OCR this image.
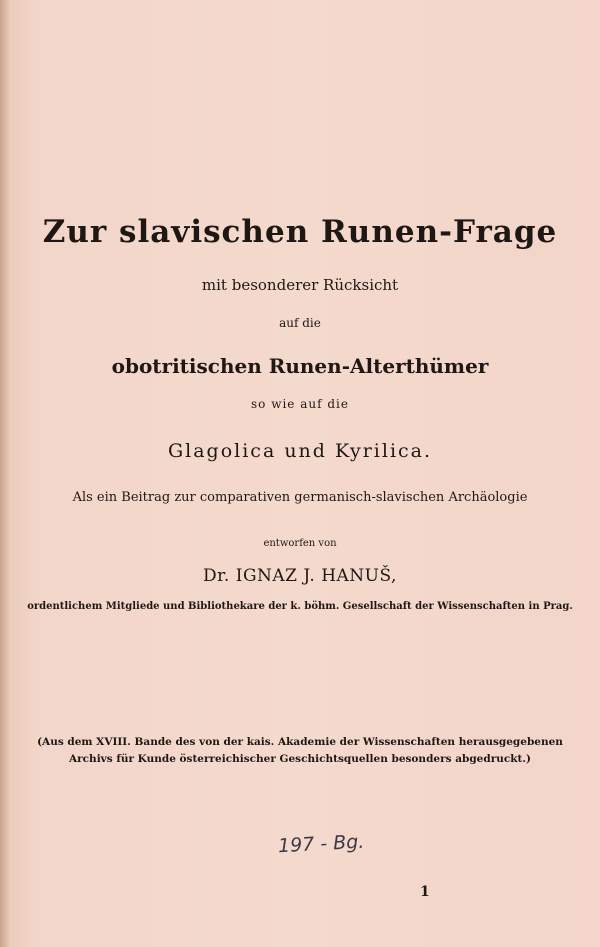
Zur slavischen Runen-Frage
mit besonderer Rücksicht
auf die
obotritischen Runen-Alterthümer
so wie auf die
Glagolica und Kyrilica.
Als ein Beitrag zur comparativen germanisch-slavischen Archäologie
entworfen von
Dr. IGNAZ J. HANUŠ,
ordentlichem Mitgliede und Bibliothekare der k. böhm. Gesellschaft der Wissenschaften in Prag.
(Aus dem XVIII. Bande des von der kais. Akademie der Wissenschaften herausgegebenen
Archivs für Kunde österreichischer Geschichtsquellen besonders abgedruckt.)
197 - Bg.
1
